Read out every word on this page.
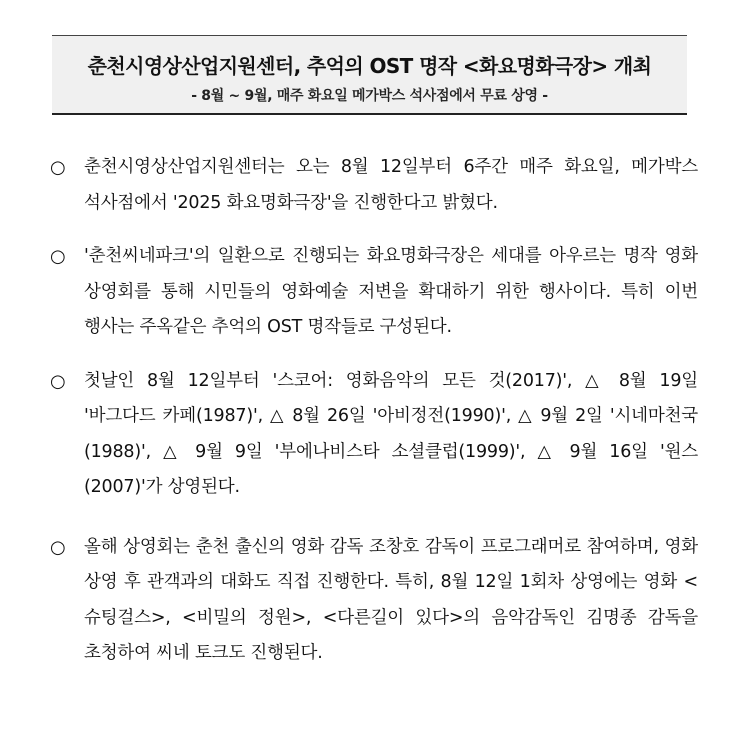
춘천시영상산업지원센터, 추억의 OST 명작 <화요명화극장> 개최
- 8월 ~ 9월, 매주 화요일 메가박스 석사점에서 무료 상영 -
○ 춘천시영상산업지원센터는 오는 8월 12일부터 6주간 매주 화요일, 메가박스 석사점에서 '2025 화요명화극장'을 진행한다고 밝혔다.
○ '춘천씨네파크'의 일환으로 진행되는 화요명화극장은 세대를 아우르는 명작 영화 상영회를 통해 시민들의 영화예술 저변을 확대하기 위한 행사이다. 특히 이번 행사는 주옥같은 추억의 OST 명작들로 구성된다.
○ 첫날인 8월 12일부터 '스코어: 영화음악의 모든 것(2017)', △ 8월 19일 '바그다드 카페(1987)', △ 8월 26일 '아비정전(1990)', △ 9월 2일 '시네마천국(1988)', △ 9월 9일 '부에나비스타 소셜클럽(1999)', △ 9월 16일 '원스(2007)'가 상영된다.
○ 올해 상영회는 춘천 출신의 영화 감독 조창호 감독이 프로그래머로 참여하며, 영화 상영 후 관객과의 대화도 직접 진행한다. 특히, 8월 12일 1회차 상영에는 영화 <슈팅걸스>, <비밀의 정원>, <다른길이 있다>의 음악감독인 김명종 감독을 초청하여 씨네 토크도 진행된다.
